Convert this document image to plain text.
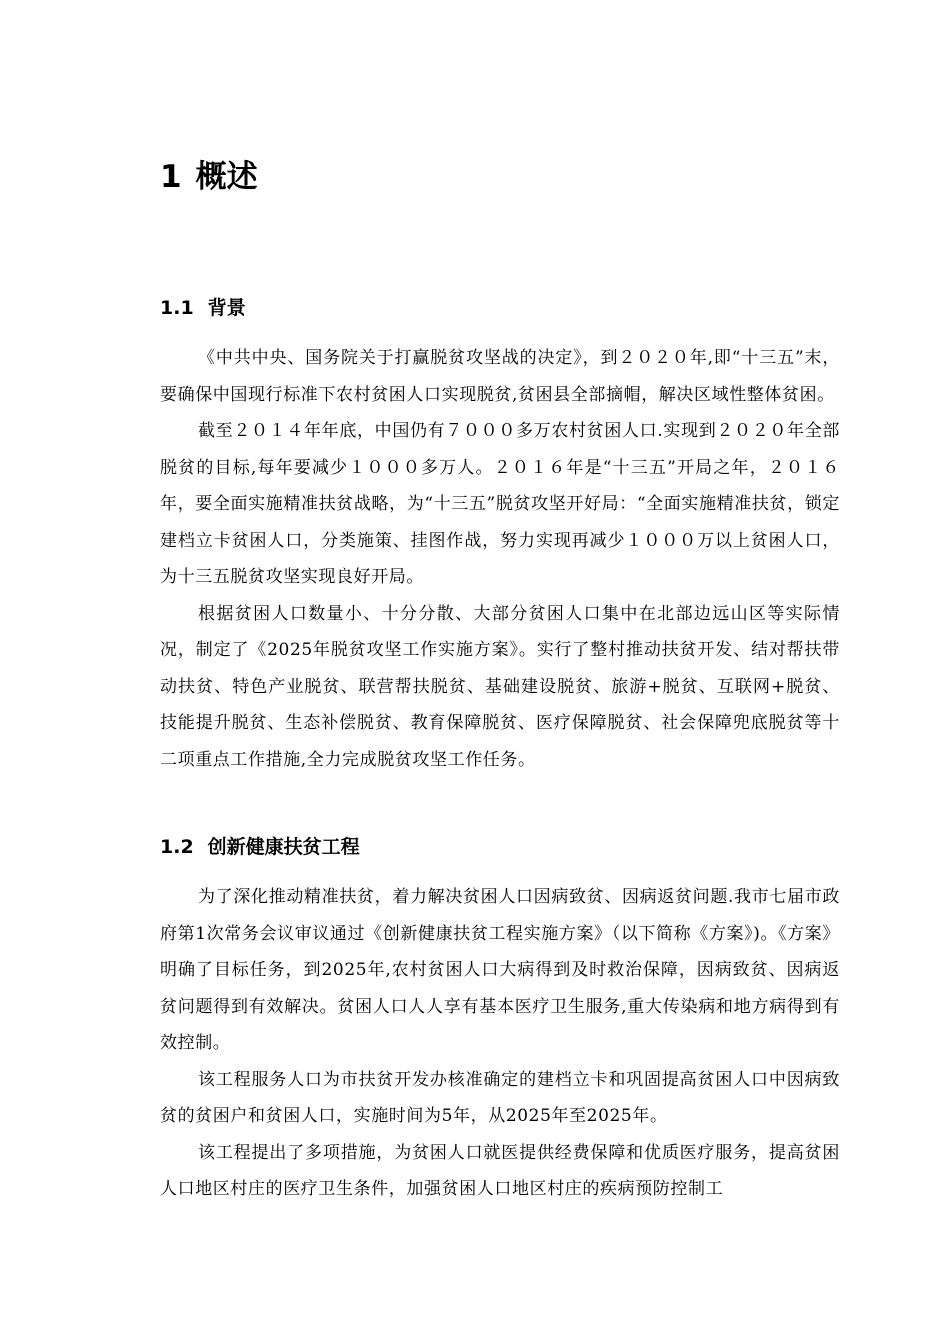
1 概述
1.1 背景

《中共中央、国务院关于打赢脱贫攻坚战的决定》，到２０２０年,即“十三五”末，要确保中国现行标准下农村贫困人口实现脱贫,贫困县全部摘帽，解决区域性整体贫困。

截至２０１４年年底，中国仍有７０００多万农村贫困人口.实现到２０２０年全部脱贫的目标,每年要减少１０００多万人。２０１６年是“十三五”开局之年，２０１６年，要全面实施精准扶贫战略，为“十三五”脱贫攻坚开好局：“全面实施精准扶贫，锁定建档立卡贫困人口，分类施策、挂图作战，努力实现再减少１０００万以上贫困人口，为十三五脱贫攻坚实现良好开局。

根据贫困人口数量小、十分分散、大部分贫困人口集中在北部边远山区等实际情况，制定了《2025年脱贫攻坚工作实施方案》。实行了整村推动扶贫开发、结对帮扶带动扶贫、特色产业脱贫、联营帮扶脱贫、基础建设脱贫、旅游+脱贫、互联网+脱贫、技能提升脱贫、生态补偿脱贫、教育保障脱贫、医疗保障脱贫、社会保障兜底脱贫等十二项重点工作措施,全力完成脱贫攻坚工作任务。

1.2 创新健康扶贫工程

为了深化推动精准扶贫，着力解决贫困人口因病致贫、因病返贫问题.我市七届市政府第1次常务会议审议通过《创新健康扶贫工程实施方案》（以下简称《方案》)。《方案》明确了目标任务，到2025年,农村贫困人口大病得到及时救治保障，因病致贫、因病返贫问题得到有效解决。贫困人口人人享有基本医疗卫生服务,重大传染病和地方病得到有效控制。

该工程服务人口为市扶贫开发办核准确定的建档立卡和巩固提高贫困人口中因病致贫的贫困户和贫困人口，实施时间为5年，从2025年至2025年。

该工程提出了多项措施，为贫困人口就医提供经费保障和优质医疗服务，提高贫困人口地区村庄的医疗卫生条件，加强贫困人口地区村庄的疾病预防控制工
